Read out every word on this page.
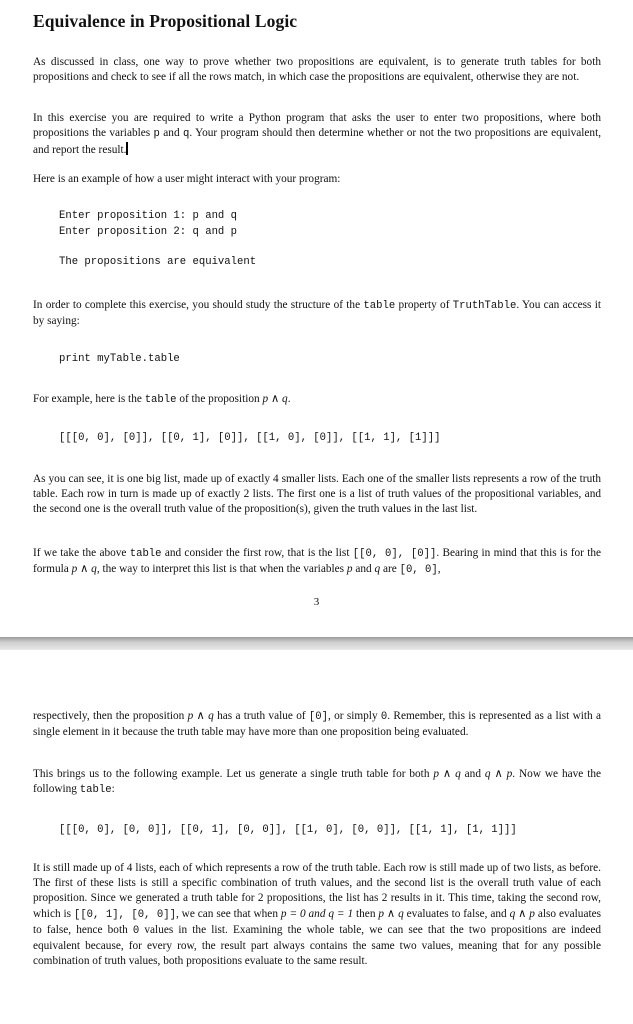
Equivalence in Propositional Logic

As discussed in class, one way to prove whether two propositions are equivalent, is to generate truth tables for both propositions and check to see if all the rows match, in which case the propositions are equivalent, otherwise they are not.

In this exercise you are required to write a Python program that asks the user to enter two propositions, where both propositions the variables p and q. Your program should then determine whether or not the two propositions are equivalent, and report the result.

Here is an example of how a user might interact with your program:

Enter proposition 1: p and q
Enter proposition 2: q and p
The propositions are equivalent

In order to complete this exercise, you should study the structure of the table property of TruthTable. You can access it by saying:

print myTable.table

For example, here is the table of the proposition p ∧ q.

[[[0, 0], [0]], [[0, 1], [0]], [[1, 0], [0]], [[1, 1], [1]]]

As you can see, it is one big list, made up of exactly 4 smaller lists. Each one of the smaller lists represents a row of the truth table. Each row in turn is made up of exactly 2 lists. The first one is a list of truth values of the propositional variables, and the second one is the overall truth value of the proposition(s), given the truth values in the last list.

If we take the above table and consider the first row, that is the list [[0, 0], [0]]. Bearing in mind that this is for the formula p ∧ q, the way to interpret this list is that when the variables p and q are [0, 0],

3

respectively, then the proposition p ∧ q has a truth value of [0], or simply 0. Remember, this is represented as a list with a single element in it because the truth table may have more than one proposition being evaluated.

This brings us to the following example. Let us generate a single truth table for both p ∧ q and q ∧ p. Now we have the following table:

[[[0, 0], [0, 0]], [[0, 1], [0, 0]], [[1, 0], [0, 0]], [[1, 1], [1, 1]]]

It is still made up of 4 lists, each of which represents a row of the truth table. Each row is still made up of two lists, as before. The first of these lists is still a specific combination of truth values, and the second list is the overall truth value of each proposition. Since we generated a truth table for 2 propositions, the list has 2 results in it. This time, taking the second row, which is [[0, 1], [0, 0]], we can see that when p = 0 and q = 1 then p ∧ q evaluates to false, and q ∧ p also evaluates to false, hence both 0 values in the list. Examining the whole table, we can see that the two propositions are indeed equivalent because, for every row, the result part always contains the same two values, meaning that for any possible combination of truth values, both propositions evaluate to the same result.
